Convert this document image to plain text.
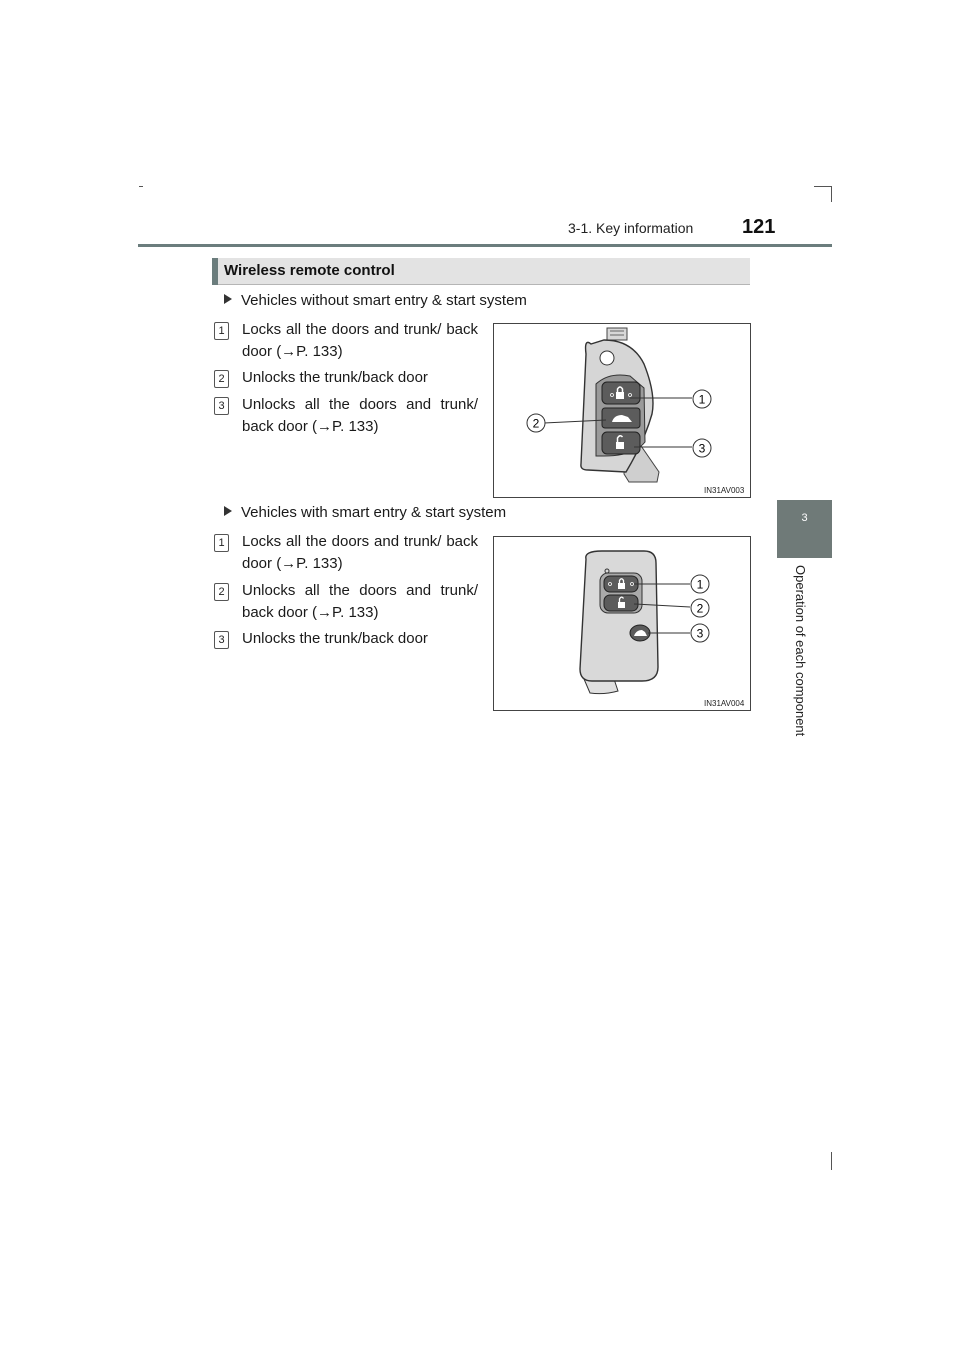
3-1. Key information 121
3
Operation of each component
Wireless remote control
Vehicles without smart entry & start system
1 Locks all the doors and trunk/ back door (→P. 133)
2 Unlocks the trunk/back door
3 Unlocks all the doors and trunk/ back door (→P. 133)
1
2
3
IN31AV003
Vehicles with smart entry & start system
1 Locks all the doors and trunk/ back door (→P. 133)
2 Unlocks all the doors and trunk/ back door (→P. 133)
3 Unlocks the trunk/back door
1
2
3
IN31AV004
